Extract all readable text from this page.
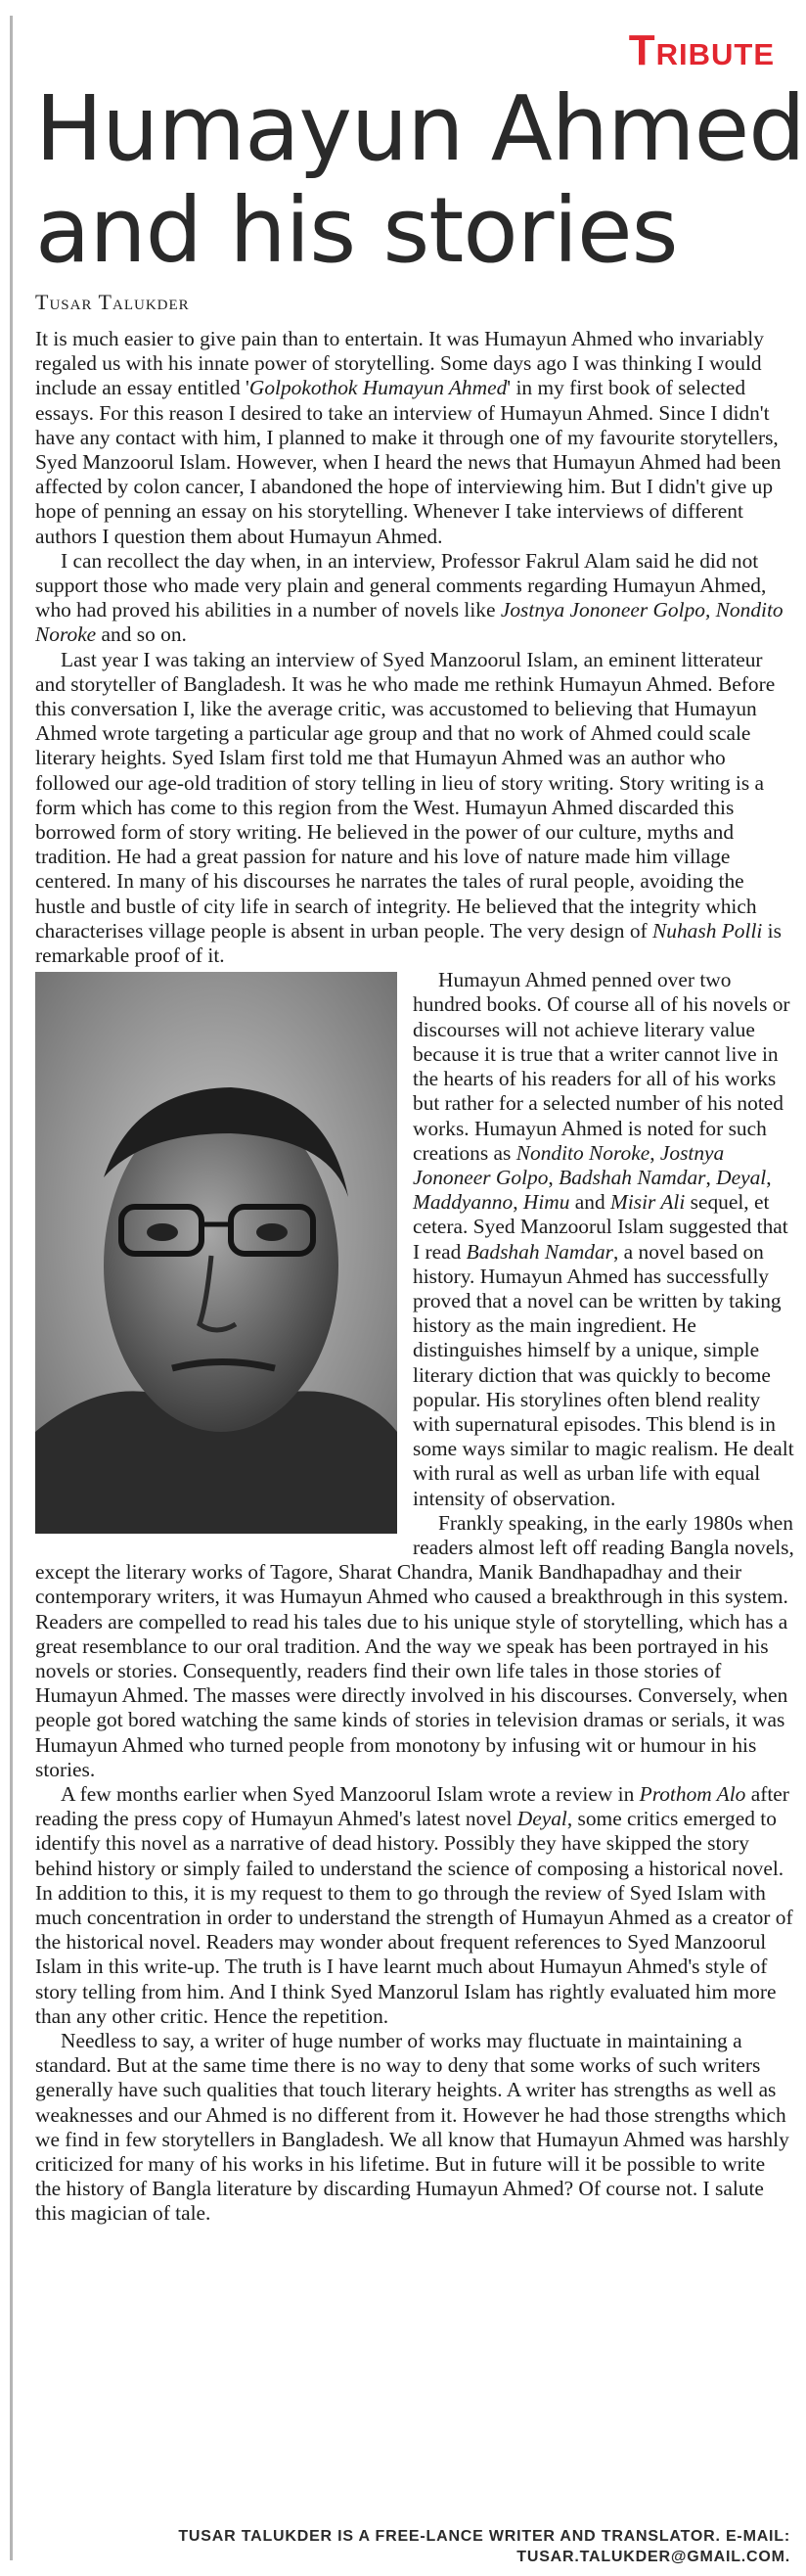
Tribute
Humayun Ahmed and his stories
Tusar Talukder

It is much easier to give pain than to entertain. It was Humayun Ahmed who invariably regaled us with his innate power of storytelling. Some days ago I was thinking I would include an essay entitled 'Golpokothok Humayun Ahmed' in my first book of selected essays. For this reason I desired to take an interview of Humayun Ahmed. Since I didn't have any contact with him, I planned to make it through one of my favourite storytellers, Syed Manzoorul Islam. However, when I heard the news that Humayun Ahmed had been affected by colon cancer, I abandoned the hope of interviewing him. But I didn't give up hope of penning an essay on his storytelling. Whenever I take interviews of different authors I question them about Humayun Ahmed.

I can recollect the day when, in an interview, Professor Fakrul Alam said he did not support those who made very plain and general comments regarding Humayun Ahmed, who had proved his abilities in a number of novels like Jostnya Jononeer Golpo, Nondito Noroke and so on.

Last year I was taking an interview of Syed Manzoorul Islam, an eminent litterateur and storyteller of Bangladesh. It was he who made me rethink Humayun Ahmed. Before this conversation I, like the average critic, was accustomed to believing that Humayun Ahmed wrote targeting a particular age group and that no work of Ahmed could scale literary heights. Syed Islam first told me that Humayun Ahmed was an author who followed our age-old tradition of story telling in lieu of story writing. Story writing is a form which has come to this region from the West. Humayun Ahmed discarded this borrowed form of story writing. He believed in the power of our culture, myths and tradition. He had a great passion for nature and his love of nature made him village centered. In many of his discourses he narrates the tales of rural people, avoiding the hustle and bustle of city life in search of integrity. He believed that the integrity which characterises village people is absent in urban people. The very design of Nuhash Polli is remarkable proof of it.

Humayun Ahmed penned over two hundred books. Of course all of his novels or discourses will not achieve literary value because it is true that a writer cannot live in the hearts of his readers for all of his works but rather for a selected number of his noted works. Humayun Ahmed is noted for such creations as Nondito Noroke, Jostnya Jononeer Golpo, Badshah Namdar, Deyal, Maddyanno, Himu and Misir Ali sequel, et cetera. Syed Manzoorul Islam suggested that I read Badshah Namdar, a novel based on history. Humayun Ahmed has successfully proved that a novel can be written by taking history as the main ingredient. He distinguishes himself by a unique, simple literary diction that was quickly to become popular. His storylines often blend reality with supernatural episodes. This blend is in some ways similar to magic realism. He dealt with rural as well as urban life with equal intensity of observation.

Frankly speaking, in the early 1980s when readers almost left off reading Bangla novels, except the literary works of Tagore, Sharat Chandra, Manik Bandhapadhay and their contemporary writers, it was Humayun Ahmed who caused a breakthrough in this system. Readers are compelled to read his tales due to his unique style of storytelling, which has a great resemblance to our oral tradition. And the way we speak has been portrayed in his novels or stories. Consequently, readers find their own life tales in those stories of Humayun Ahmed. The masses were directly involved in his discourses. Conversely, when people got bored watching the same kinds of stories in television dramas or serials, it was Humayun Ahmed who turned people from monotony by infusing wit or humour in his stories.

A few months earlier when Syed Manzoorul Islam wrote a review in Prothom Alo after reading the press copy of Humayun Ahmed's latest novel Deyal, some critics emerged to identify this novel as a narrative of dead history. Possibly they have skipped the story behind history or simply failed to understand the science of composing a historical novel. In addition to this, it is my request to them to go through the review of Syed Islam with much concentration in order to understand the strength of Humayun Ahmed as a creator of the historical novel. Readers may wonder about frequent references to Syed Manzoorul Islam in this write-up. The truth is I have learnt much about Humayun Ahmed's style of story telling from him. And I think Syed Manzorul Islam has rightly evaluated him more than any other critic. Hence the repetition.

Needless to say, a writer of huge number of works may fluctuate in maintaining a standard. But at the same time there is no way to deny that some works of such writers generally have such qualities that touch literary heights. A writer has strengths as well as weaknesses and our Ahmed is no different from it. However he had those strengths which we find in few storytellers in Bangladesh. We all know that Humayun Ahmed was harshly criticized for many of his works in his lifetime. But in future will it be possible to write the history of Bangla literature by discarding Humayun Ahmed? Of course not. I salute this magician of tale.

TUSAR TALUKDER IS A FREE-LANCE WRITER AND TRANSLATOR. E-MAIL:
TUSAR.TALUKDER@GMAIL.COM.
